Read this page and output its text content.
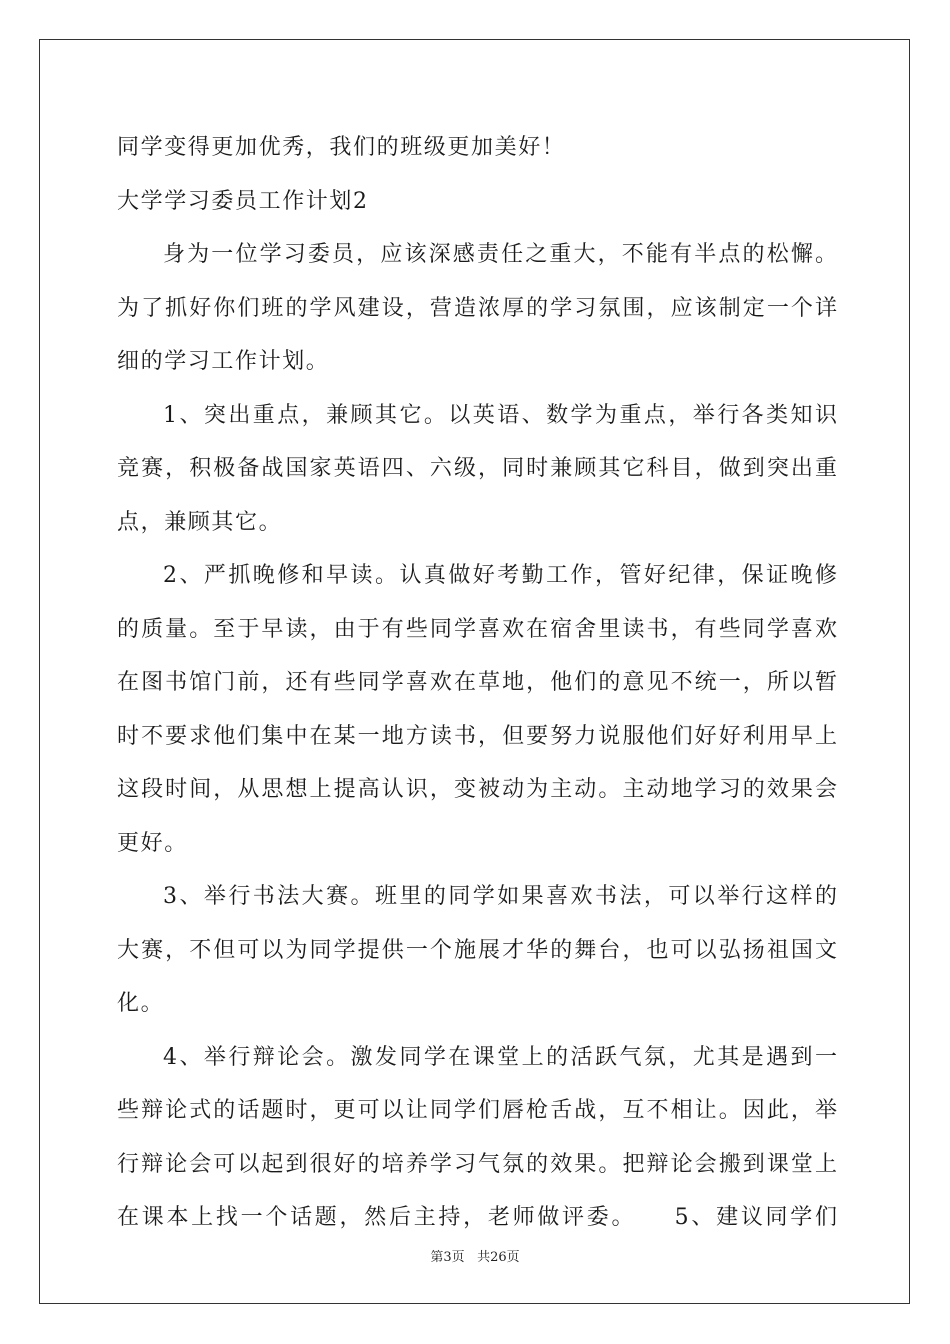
同学变得更加优秀，我们的班级更加美好！
大学学习委员工作计划2
身为一位学习委员，应该深感责任之重大，不能有半点的松懈。
为了抓好你们班的学风建设，营造浓厚的学习氛围，应该制定一个详
细的学习工作计划。
1、突出重点，兼顾其它。以英语、数学为重点，举行各类知识
竞赛，积极备战国家英语四、六级，同时兼顾其它科目，做到突出重
点，兼顾其它。
2、严抓晚修和早读。认真做好考勤工作，管好纪律，保证晚修
的质量。至于早读，由于有些同学喜欢在宿舍里读书，有些同学喜欢
在图书馆门前，还有些同学喜欢在草地，他们的意见不统一，所以暂
时不要求他们集中在某一地方读书，但要努力说服他们好好利用早上
这段时间，从思想上提高认识，变被动为主动。主动地学习的效果会
更好。
3、举行书法大赛。班里的同学如果喜欢书法，可以举行这样的
大赛，不但可以为同学提供一个施展才华的舞台，也可以弘扬祖国文
化。
4、举行辩论会。激发同学在课堂上的活跃气氛，尤其是遇到一
些辩论式的话题时，更可以让同学们唇枪舌战，互不相让。因此，举
行辩论会可以起到很好的培养学习气氛的效果。把辩论会搬到课堂上
在课本上找一个话题，然后主持，老师做评委。　　5、建议同学们
第3页 共26页
